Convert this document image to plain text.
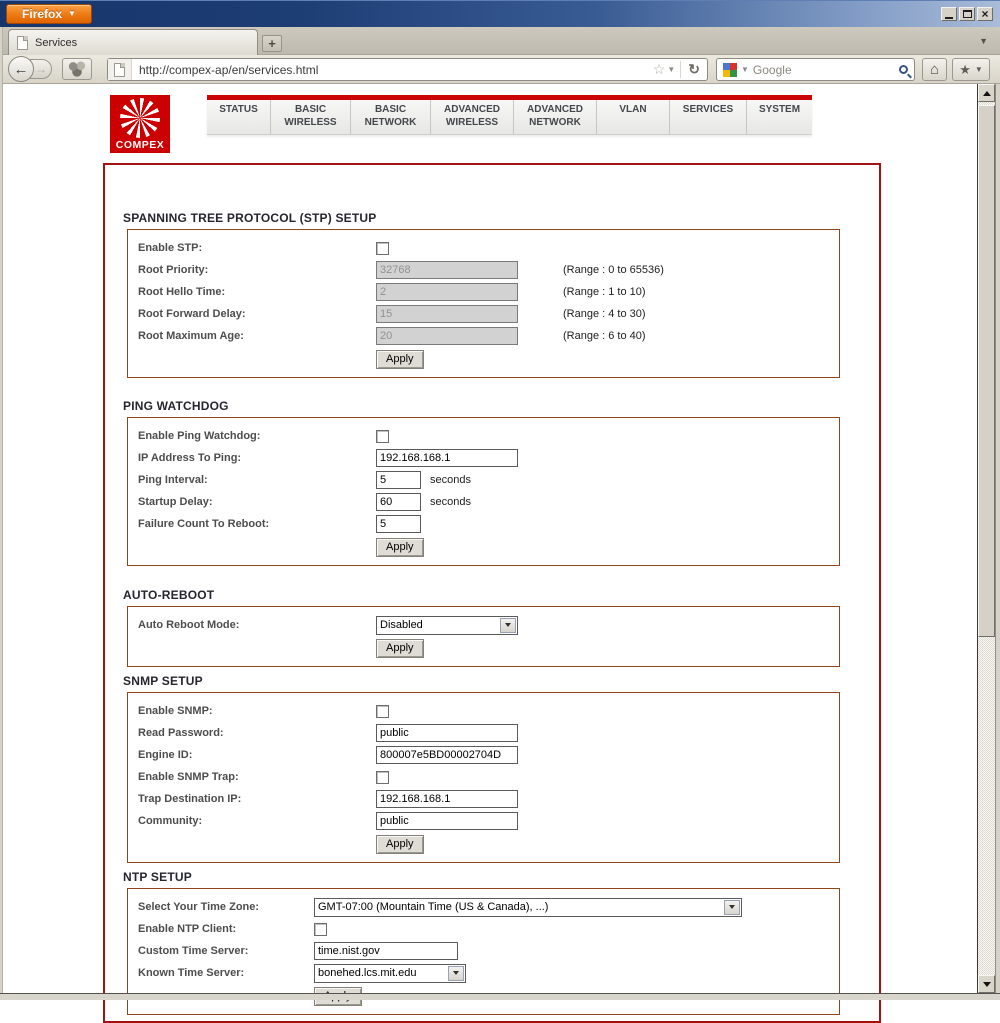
Firefox ▼	×
Services	+	▼
← →	http://compex-ap/en/services.html	☆ ▼ ↻	▼ Google	⌂	★ ▼
COMPEX
STATUS	BASIC WIRELESS
BASIC NETWORK
ADVANCED WIRELESS
ADVANCED NETWORK
VLAN	SERVICES	SYSTEM
SPANNING TREE PROTOCOL (STP) SETUP
Enable STP:
Root Priority:
32768	(Range : 0 to 65536)
Root Hello Time:
2	(Range : 1 to 10)
Root Forward Delay:
15	(Range : 4 to 30)
Root Maximum Age:
20	(Range : 6 to 40)
Apply
PING WATCHDOG
Enable Ping Watchdog:
IP Address To Ping:
192.168.168.1
Ping Interval:
5	seconds
Startup Delay:
60	seconds
Failure Count To Reboot:
5
Apply
AUTO-REBOOT
Auto Reboot Mode:	Disabled
Apply
SNMP SETUP
Enable SNMP:
Read Password:
public
Engine ID:
800007e5BD00002704D
Enable SNMP Trap:
Trap Destination IP:
192.168.168.1
Community:
public
Apply
NTP SETUP
Select Your Time Zone:	GMT-07:00 (Mountain Time (US & Canada), ...)
Enable NTP Client:
Custom Time Server:
time.nist.gov
Known Time Server:	bonehed.lcs.mit.edu
